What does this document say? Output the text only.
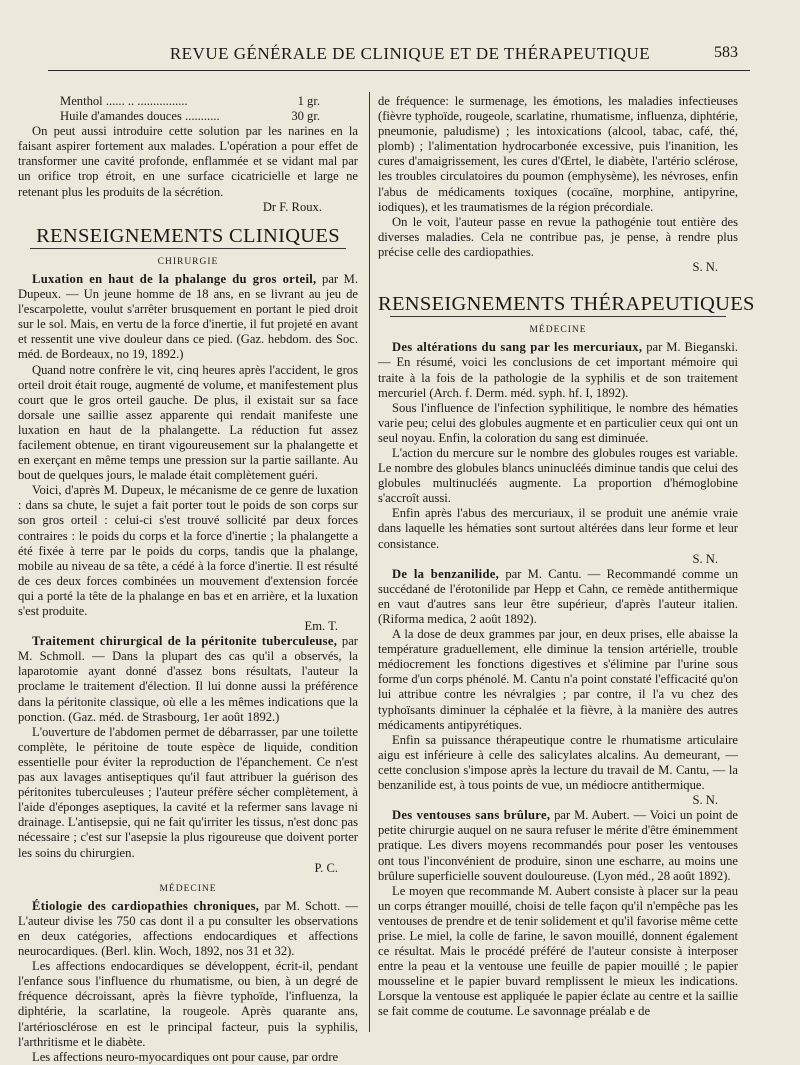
REVUE GÉNÉRALE DE CLINIQUE ET DE THÉRAPEUTIQUE	583
Menthol ...... .. ................	1 gr.
Huile d'amandes douces ...........	30 gr.

On peut aussi introduire cette solution par les narines en la faisant aspirer fortement aux malades. L'opération a pour effet de transformer une cavité profonde, enflammée et se vidant mal par un orifice trop étroit, en une surface cicatricielle et large ne retenant plus les produits de la sécrétion.

Dr F. Roux.
RENSEIGNEMENTS CLINIQUES
CHIRURGIE

Luxation en haut de la phalange du gros orteil, par M. Dupeux. — Un jeune homme de 18 ans, en se livrant au jeu de l'escarpolette, voulut s'arrêter brusquement en portant le pied droit sur le sol. Mais, en vertu de la force d'inertie, il fut projeté en avant et ressentit une vive douleur dans ce pied. (Gaz. hebdom. des Soc. méd. de Bordeaux, no 19, 1892.)

Quand notre confrère le vit, cinq heures après l'accident, le gros orteil droit était rouge, augmenté de volume, et manifestement plus court que le gros orteil gauche. De plus, il existait sur sa face dorsale une saillie assez apparente qui rendait manifeste une luxation en haut de la phalangette. La réduction fut assez facilement obtenue, en tirant vigoureusement sur la phalangette et en exerçant en même temps une pression sur la partie saillante. Au bout de quelques jours, le malade était complètement guéri.

Voici, d'après M. Dupeux, le mécanisme de ce genre de luxation : dans sa chute, le sujet a fait porter tout le poids de son corps sur son gros orteil : celui-ci s'est trouvé sollicité par deux forces contraires : le poids du corps et la force d'inertie ; la phalangette a été fixée à terre par le poids du corps, tandis que la phalange, mobile au niveau de sa tête, a cédé à la force d'inertie. Il est résulté de ces deux forces combinées un mouvement d'extension forcée qui a porté la tête de la phalange en bas et en arrière, et la luxation s'est produite.

Em. T.

Traitement chirurgical de la péritonite tuberculeuse, par M. Schmoll. — Dans la plupart des cas qu'il a observés, la laparotomie ayant donné d'assez bons résultats, l'auteur la proclame le traitement d'élection. Il lui donne aussi la préférence dans la péritonite classique, où elle a les mêmes indications que la ponction. (Gaz. méd. de Strasbourg, 1er août 1892.)

L'ouverture de l'abdomen permet de débarrasser, par une toilette complète, le péritoine de toute espèce de liquide, condition essentielle pour éviter la reproduction de l'épanchement. Ce n'est pas aux lavages antiseptiques qu'il faut attribuer la guérison des péritonites tuberculeuses ; l'auteur préfère sécher complètement, à l'aide d'éponges aseptiques, la cavité et la refermer sans lavage ni drainage. L'antisepsie, qui ne fait qu'irriter les tissus, n'est donc pas nécessaire ; c'est sur l'asepsie la plus rigoureuse que doivent porter les soins du chirurgien.

P. C.
MÉDECINE

Étiologie des cardiopathies chroniques, par M. Schott. — L'auteur divise les 750 cas dont il a pu consulter les observations en deux catégories, affections endocardiques et affections neurocardiques. (Berl. klin. Woch, 1892, nos 31 et 32).

Les affections endocardiques se développent, écrit-il, pendant l'enfance sous l'influence du rhumatisme, ou bien, à un degré de fréquence décroissant, après la fièvre typhoïde, l'influenza, la diphtérie, la scarlatine, la rougeole. Après quarante ans, l'artériosclérose en est le principal facteur, puis la syphilis, l'arthritisme et le diabète.

Les affections neuro-myocardiques ont pour cause, par ordre

de fréquence: le surmenage, les émotions, les maladies infectieuses (fièvre typhoïde, rougeole, scarlatine, rhumatisme, influenza, diphtérie, pneumonie, paludisme) ; les intoxications (alcool, tabac, café, thé, plomb) ; l'alimentation hydrocarbonée excessive, puis l'inanition, les cures d'amaigrissement, les cures d'Œrtel, le diabète, l'artério sclérose, les troubles circulatoires du poumon (emphysème), les névroses, enfin l'abus de médicaments toxiques (cocaïne, morphine, antipyrine, iodiques), et les traumatismes de la région précordiale.

On le voit, l'auteur passe en revue la pathogénie tout entière des diverses maladies. Cela ne contribue pas, je pense, à rendre plus précise celle des cardiopathies.

S. N.
RENSEIGNEMENTS THÉRAPEUTIQUES
MÉDECINE

Des altérations du sang par les mercuriaux, par M. Bieganski. — En résumé, voici les conclusions de cet important mémoire qui traite à la fois de la pathologie de la syphilis et de son traitement mercuriel (Arch. f. Derm. méd. syph. hf. I, 1892).

Sous l'influence de l'infection syphilitique, le nombre des hématies varie peu; celui des globules augmente et en particulier ceux qui ont un seul noyau. Enfin, la coloration du sang est diminuée.

L'action du mercure sur le nombre des globules rouges est variable. Le nombre des globules blancs uninucléés diminue tandis que celui des globules multinucléés augmente. La proportion d'hémoglobine s'accroît aussi.

Enfin après l'abus des mercuriaux, il se produit une anémie vraie dans laquelle les hématies sont surtout altérées dans leur forme et leur consistance.

S. N.

De la benzanilide, par M. Cantu. — Recommandé comme un succédané de l'érotonilide par Hepp et Cahn, ce remède antithermique en vaut d'autres sans leur être supérieur, d'après l'auteur italien. (Riforma medica, 2 août 1892).

A la dose de deux grammes par jour, en deux prises, elle abaisse la température graduellement, elle diminue la tension artérielle, trouble médiocrement les fonctions digestives et s'élimine par l'urine sous forme d'un corps phénolé. M. Cantu n'a point constaté l'efficacité qu'on lui attribue contre les névralgies ; par contre, il l'a vu chez des typhoïsants diminuer la céphalée et la fièvre, à la manière des autres médicaments antipyrétiques.

Enfin sa puissance thérapeutique contre le rhumatisme articulaire aigu est inférieure à celle des salicylates alcalins. Au demeurant, — cette conclusion s'impose après la lecture du travail de M. Cantu, — la benzanilide est, à tous points de vue, un médiocre antithermique.

S. N.

Des ventouses sans brûlure, par M. Aubert. — Voici un point de petite chirurgie auquel on ne saura refuser le mérite d'être éminemment pratique. Les divers moyens recommandés pour poser les ventouses ont tous l'inconvénient de produire, sinon une escharre, au moins une brûlure superficielle souvent douloureuse. (Lyon méd., 28 août 1892).

Le moyen que recommande M. Aubert consiste à placer sur la peau un corps étranger mouillé, choisi de telle façon qu'il n'empêche pas les ventouses de prendre et de tenir solidement et qu'il favorise même cette prise. Le miel, la colle de farine, le savon mouillé, donnent également ce résultat. Mais le procédé préféré de l'auteur consiste à interposer entre la peau et la ventouse une feuille de papier mouillé ; le papier mousseline et le papier buvard remplissent le mieux les indications. Lorsque la ventouse est appliquée le papier éclate au centre et la saillie se fait comme de coutume. Le savonnage préalab e de
